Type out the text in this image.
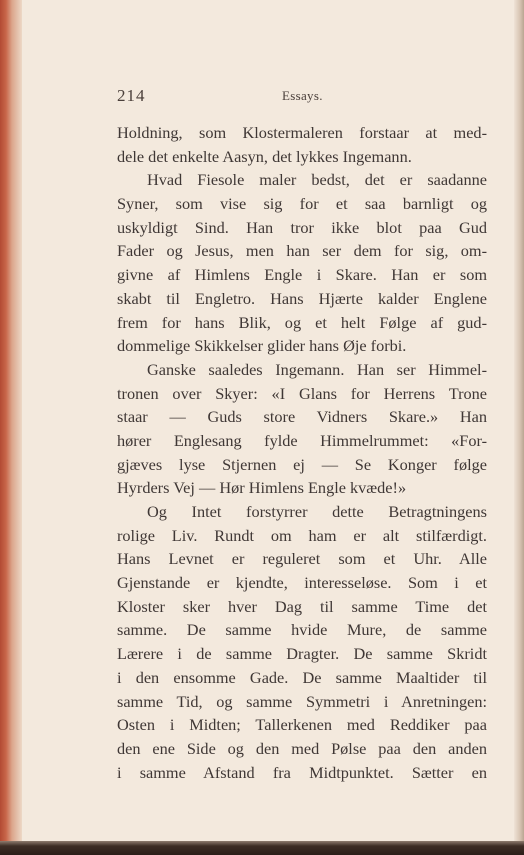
214	Essays.
Holdning, som Klostermaleren forstaar at med-
dele det enkelte Aasyn, det lykkes Ingemann.
Hvad Fiesole maler bedst, det er saadanne
Syner, som vise sig for et saa barnligt og
uskyldigt Sind. Han tror ikke blot paa Gud
Fader og Jesus, men han ser dem for sig, om-
givne af Himlens Engle i Skare. Han er som
skabt til Engletro. Hans Hjærte kalder Englene
frem for hans Blik, og et helt Følge af gud-
dommelige Skikkelser glider hans Øje forbi.
Ganske saaledes Ingemann. Han ser Himmel-
tronen over Skyer: «I Glans for Herrens Trone
staar — Guds store Vidners Skare.» Han
hører Englesang fylde Himmelrummet: «For-
gjæves lyse Stjernen ej — Se Konger følge
Hyrders Vej — Hør Himlens Engle kvæde!»
Og Intet forstyrrer dette Betragtningens
rolige Liv. Rundt om ham er alt stilfærdigt.
Hans Levnet er reguleret som et Uhr. Alle
Gjenstande er kjendte, interesseløse. Som i et
Kloster sker hver Dag til samme Time det
samme. De samme hvide Mure, de samme
Lærere i de samme Dragter. De samme Skridt
i den ensomme Gade. De samme Maaltider til
samme Tid, og samme Symmetri i Anretningen:
Osten i Midten; Tallerkenen med Reddiker paa
den ene Side og den med Pølse paa den anden
i samme Afstand fra Midtpunktet. Sætter en
